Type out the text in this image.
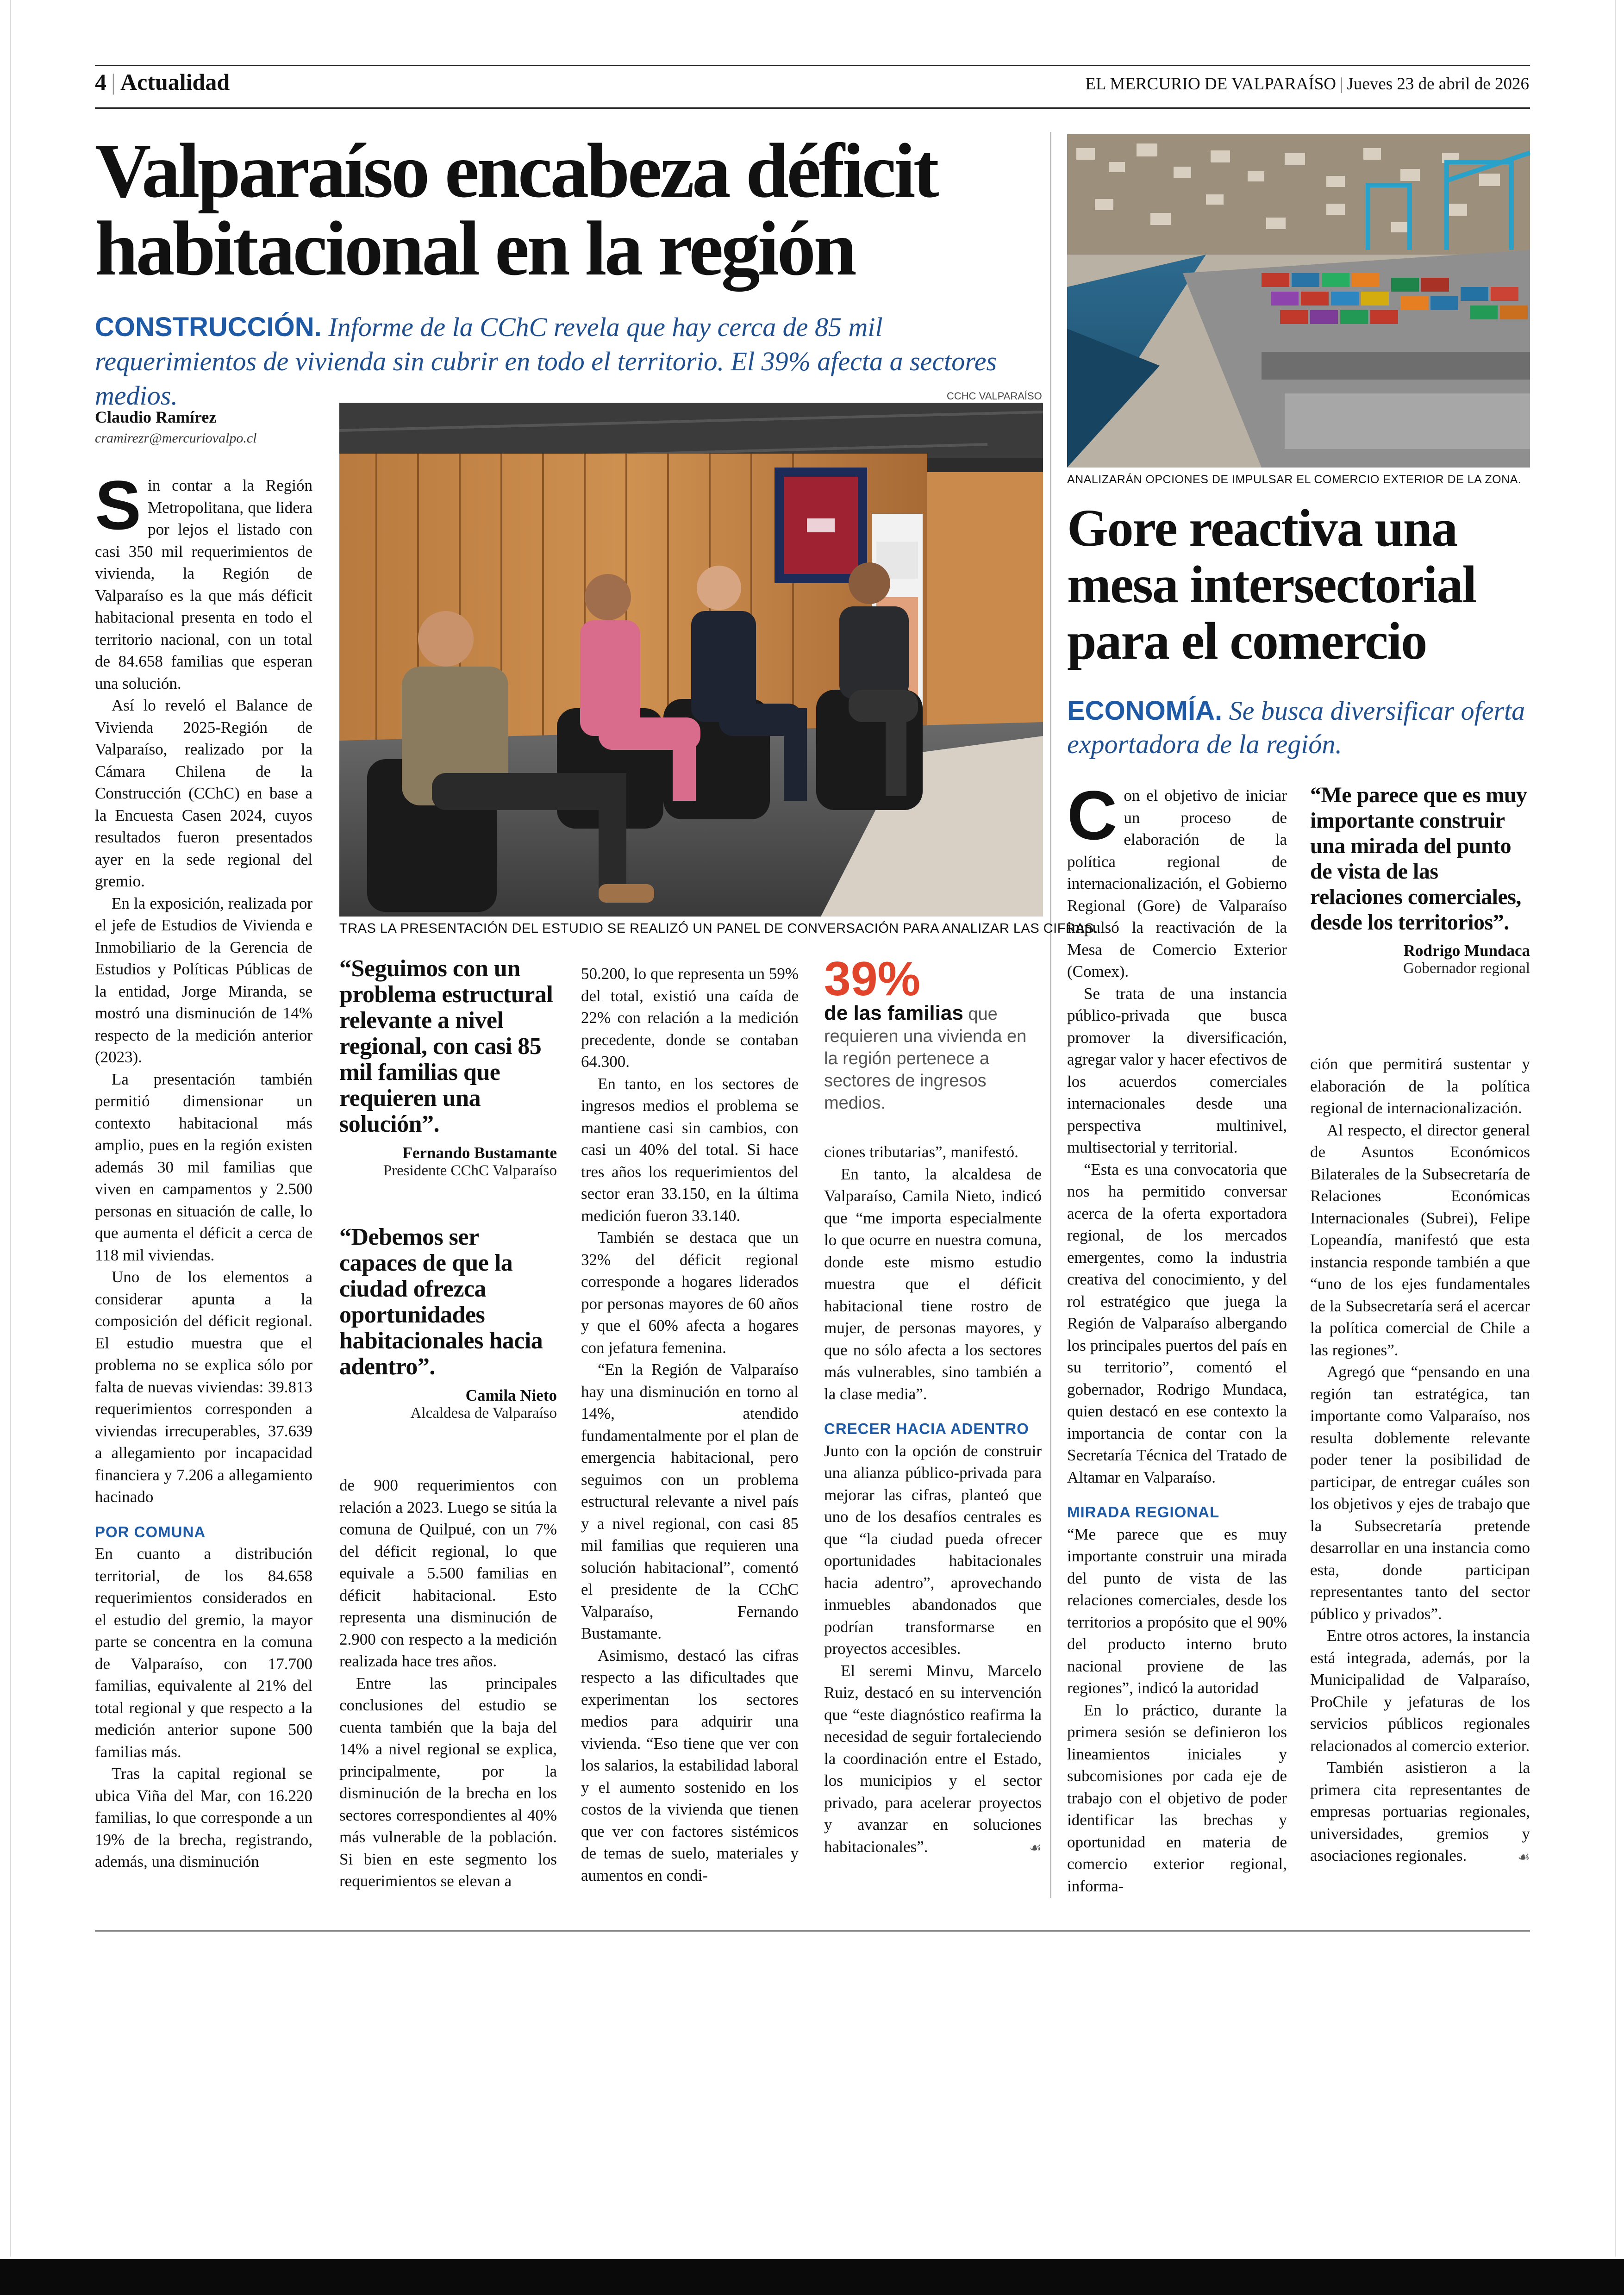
4 | Actualidad	EL MERCURIO DE VALPARAÍSO | Jueves 23 de abril de 2026
Valparaíso encabeza déficit
habitacional en la región
CONSTRUCCIÓN. Informe de la CChC revela que hay cerca de 85 mil requerimientos de vivienda sin cubrir en todo el territorio. El 39% afecta a sectores medios.
Claudio Ramírez
cramirezr@mercuriovalpo.cl
CCHC VALPARAÍSO
TRAS LA PRESENTACIÓN DEL ESTUDIO SE REALIZÓ UN PANEL DE CONVERSACIÓN PARA ANALIZAR LAS CIFRAS.

Sin contar a la Región Metropolitana, que lidera por lejos el listado con casi 350 mil requerimientos de vivienda, la Región de Valparaíso es la que más déficit habitacional presenta en todo el territorio nacional, con un total de 84.658 familias que esperan una solución.

Así lo reveló el Balance de Vivienda 2025-Región de Valparaíso, realizado por la Cámara Chilena de la Construcción (CChC) en base a la Encuesta Casen 2024, cuyos resultados fueron presentados ayer en la sede regional del gremio.

En la exposición, realizada por el jefe de Estudios de Vivienda e Inmobiliario de la Gerencia de Estudios y Políticas Públicas de la entidad, Jorge Miranda, se mostró una disminución de 14% respecto de la medición anterior (2023).

La presentación también permitió dimensionar un contexto habitacional más amplio, pues en la región existen además 30 mil familias que viven en campamentos y 2.500 personas en situación de calle, lo que aumenta el déficit a cerca de 118 mil viviendas.

Uno de los elementos a considerar apunta a la composición del déficit regional. El estudio muestra que el problema no se explica sólo por falta de nuevas viviendas: 39.813 requerimientos corresponden a viviendas irrecuperables, 37.639 a allegamiento por incapacidad financiera y 7.206 a allegamiento hacinado

POR COMUNA

En cuanto a distribución territorial, de los 84.658 requerimientos considerados en el estudio del gremio, la mayor parte se concentra en la comuna de Valparaíso, con 17.700 familias, equivalente al 21% del total regional y que respecto a la medición anterior supone 500 familias más.

Tras la capital regional se ubica Viña del Mar, con 16.220 familias, lo que corresponde a un 19% de la brecha, registrando, además, una disminución

“Seguimos con un problema estructural relevante a nivel regional, con casi 85 mil familias que requieren una solución”.
Fernando Bustamante
Presidente CChC Valparaíso
“Debemos ser capaces de que la ciudad ofrezca oportunidades habitacionales hacia adentro”.
Camila Nieto
Alcaldesa de Valparaíso

de 900 requerimientos con relación a 2023. Luego se sitúa la comuna de Quilpué, con un 7% del déficit regional, lo que equivale a 5.500 familias en déficit habitacional. Esto representa una disminución de 2.900 con respecto a la medición realizada hace tres años.

Entre las principales conclusiones del estudio se cuenta también que la baja del 14% a nivel regional se explica, principalmente, por la disminución de la brecha en los sectores correspondientes al 40% más vulnerable de la población. Si bien en este segmento los requerimientos se elevan a

50.200, lo que representa un 59% del total, existió una caída de 22% con relación a la medición precedente, donde se contaban 64.300.

En tanto, en los sectores de ingresos medios el problema se mantiene casi sin cambios, con casi un 40% del total. Si hace tres años los requerimientos del sector eran 33.150, en la última medición fueron 33.140.

También se destaca que un 32% del déficit regional corresponde a hogares liderados por personas mayores de 60 años y que el 60% afecta a hogares con jefatura femenina.

“En la Región de Valparaíso hay una disminución en torno al 14%, atendido fundamentalmente por el plan de emergencia habitacional, pero seguimos con un problema estructural relevante a nivel país y a nivel regional, con casi 85 mil familias que requieren una solución habitacional”, comentó el presidente de la CChC Valparaíso, Fernando Bustamante.

Asimismo, destacó las cifras respecto a las dificultades que experimentan los sectores medios para adquirir una vivienda. “Eso tiene que ver con los salarios, la estabilidad laboral y el aumento sostenido en los costos de la vivienda que tienen que ver con factores sistémicos de temas de suelo, materiales y aumentos en condi-

39%
de las familias que requieren una vivienda en la región pertenece a sectores de ingresos medios.

ciones tributarias”, manifestó.

En tanto, la alcaldesa de Valparaíso, Camila Nieto, indicó que “me importa especialmente lo que ocurre en nuestra comuna, donde este mismo estudio muestra que el déficit habitacional tiene rostro de mujer, de personas mayores, y que no sólo afecta a los sectores más vulnerables, sino también a la clase media”.

CRECER HACIA ADENTRO

Junto con la opción de construir una alianza público-privada para mejorar las cifras, planteó que uno de los desafíos centrales es que “la ciudad pueda ofrecer oportunidades habitacionales hacia adentro”, aprovechando inmuebles abandonados que podrían transformarse en proyectos accesibles.

El seremi Minvu, Marcelo Ruiz, destacó en su intervención que “este diagnóstico reafirma la necesidad de seguir fortaleciendo la coordinación entre el Estado, los municipios y el sector privado, para acelerar proyectos y avanzar en soluciones habitacionales”.	☙
ANALIZARÁN OPCIONES DE IMPULSAR EL COMERCIO EXTERIOR DE LA ZONA.
Gore reactiva una mesa intersectorial para el comercio
ECONOMÍA. Se busca diversificar oferta exportadora de la región.

Con el objetivo de iniciar un proceso de elaboración de la política regional de internacionalización, el Gobierno Regional (Gore) de Valparaíso impulsó la reactivación de la Mesa de Comercio Exterior (Comex).

Se trata de una instancia público-privada que busca promover la diversificación, agregar valor y hacer efectivos de los acuerdos comerciales internacionales desde una perspectiva multinivel, multisectorial y territorial.

“Esta es una convocatoria que nos ha permitido conversar acerca de la oferta exportadora regional, de los mercados emergentes, como la industria creativa del conocimiento, y del rol estratégico que juega la Región de Valparaíso albergando los principales puertos del país en su territorio”, comentó el gobernador, Rodrigo Mundaca, quien destacó en ese contexto la importancia de contar con la Secretaría Técnica del Tratado de Altamar en Valparaíso.

MIRADA REGIONAL

“Me parece que es muy importante construir una mirada del punto de vista de las relaciones comerciales, desde los territorios a propósito que el 90% del producto interno bruto nacional proviene de las regiones”, indicó la autoridad

En lo práctico, durante la primera sesión se definieron los lineamientos iniciales y subcomisiones por cada eje de trabajo con el objetivo de poder identificar las brechas y oportunidad en materia de comercio exterior regional, informa-

“Me parece que es muy importante construir una mirada del punto de vista de las relaciones comerciales, desde los territorios”.
Rodrigo Mundaca
Gobernador regional

ción que permitirá sustentar y elaboración de la política regional de internacionalización.

Al respecto, el director general de Asuntos Económicos Bilaterales de la Subsecretaría de Relaciones Económicas Internacionales (Subrei), Felipe Lopeandía, manifestó que esta instancia responde también a que “uno de los ejes fundamentales de la Subsecretaría será el acercar la política comercial de Chile a las regiones”.

Agregó que “pensando en una región tan estratégica, tan importante como Valparaíso, nos resulta doblemente relevante poder tener la posibilidad de participar, de entregar cuáles son los objetivos y ejes de trabajo que la Subsecretaría pretende desarrollar en una instancia como esta, donde participan representantes tanto del sector público y privados”.

Entre otros actores, la instancia está integrada, además, por la Municipalidad de Valparaíso, ProChile y jefaturas de los servicios públicos regionales relacionados al comercio exterior.

También asistieron a la primera cita representantes de empresas portuarias regionales, universidades, gremios y asociaciones regionales.	☙
